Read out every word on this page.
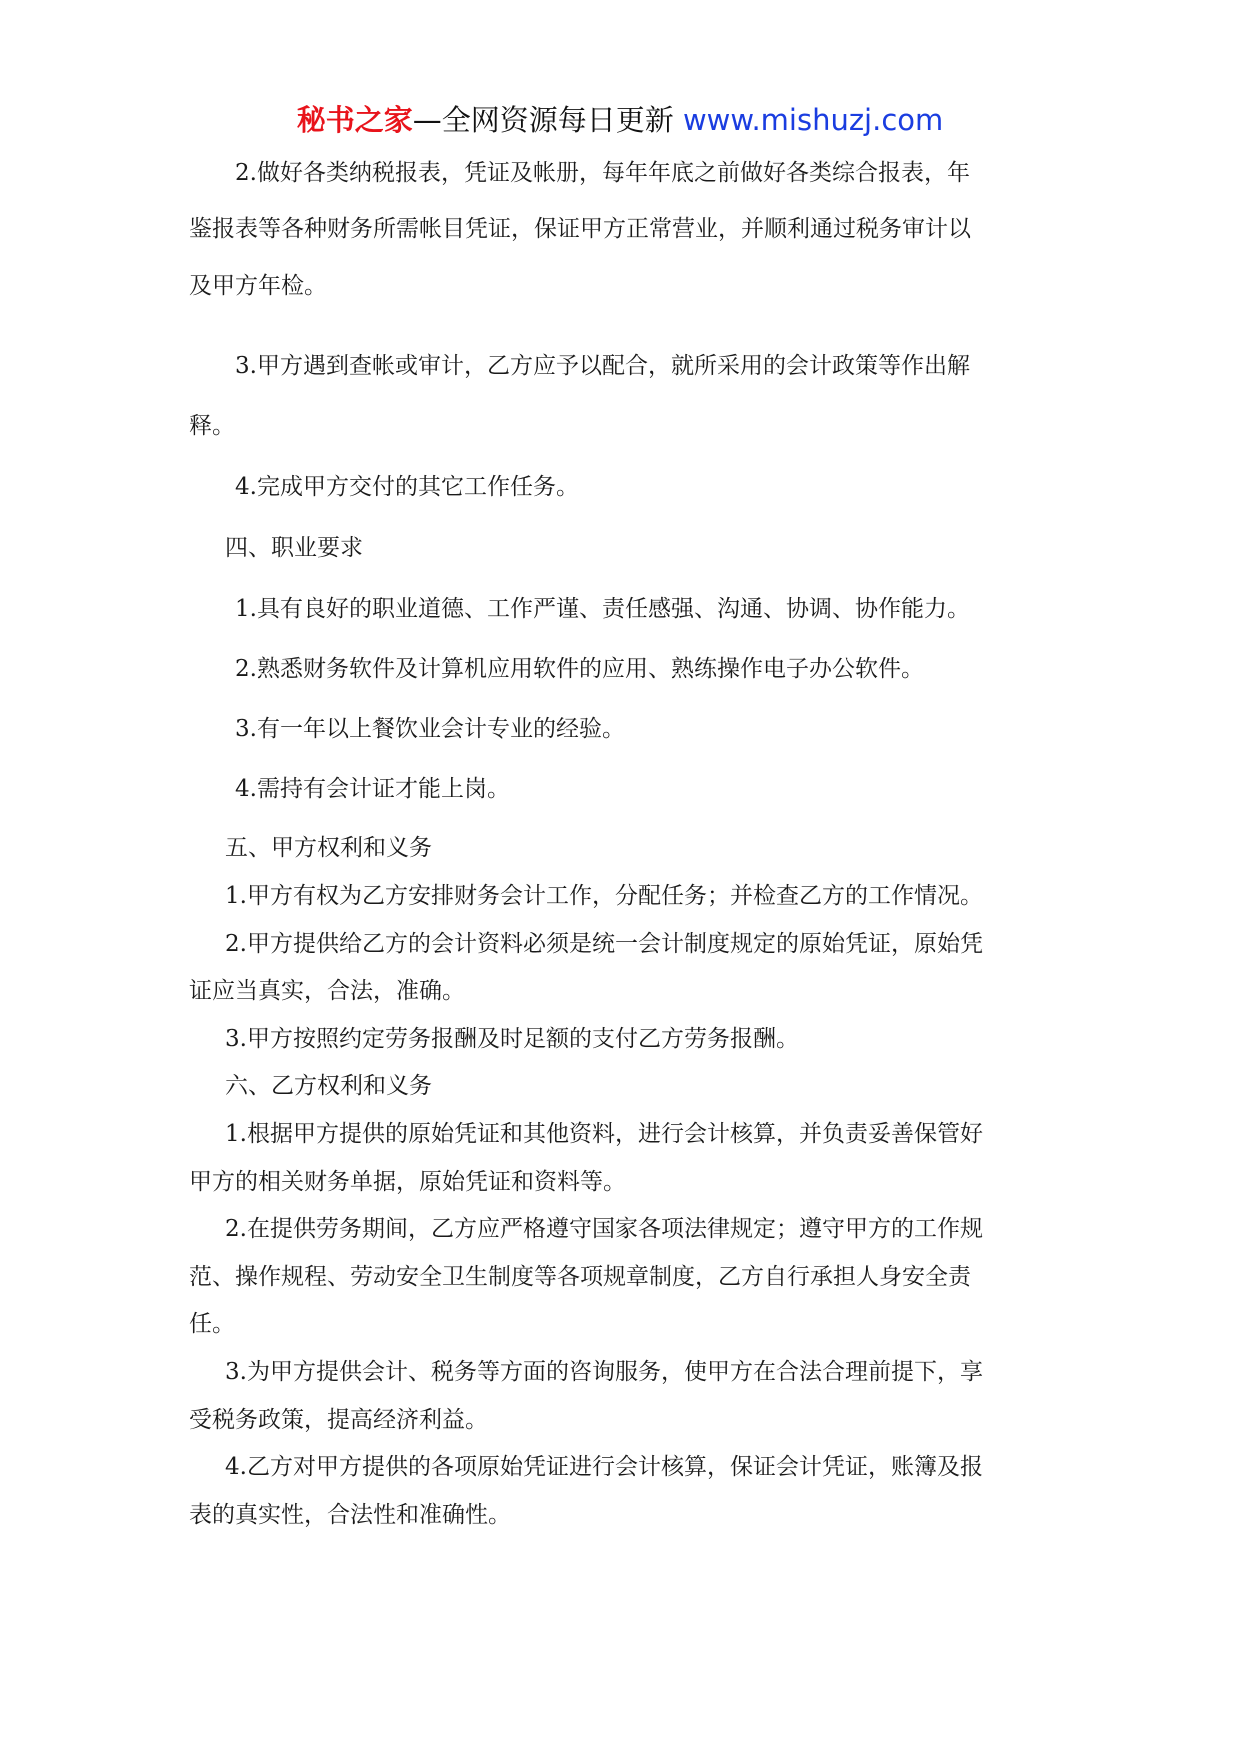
秘书之家—全网资源每日更新 www.mishuzj.com

2.做好各类纳税报表，凭证及帐册，每年年底之前做好各类综合报表，年

鉴报表等各种财务所需帐目凭证，保证甲方正常营业，并顺利通过税务审计以

及甲方年检。

3.甲方遇到查帐或审计，乙方应予以配合，就所采用的会计政策等作出解

释。

4.完成甲方交付的其它工作任务。

四、职业要求

1.具有良好的职业道德、工作严谨、责任感强、沟通、协调、协作能力。

2.熟悉财务软件及计算机应用软件的应用、熟练操作电子办公软件。

3.有一年以上餐饮业会计专业的经验。

4.需持有会计证才能上岗。

五、甲方权利和义务

1.甲方有权为乙方安排财务会计工作，分配任务；并检查乙方的工作情况。

2.甲方提供给乙方的会计资料必须是统一会计制度规定的原始凭证，原始凭

证应当真实，合法，准确。

3.甲方按照约定劳务报酬及时足额的支付乙方劳务报酬。

六、乙方权利和义务

1.根据甲方提供的原始凭证和其他资料，进行会计核算，并负责妥善保管好

甲方的相关财务单据，原始凭证和资料等。

2.在提供劳务期间，乙方应严格遵守国家各项法律规定；遵守甲方的工作规

范、操作规程、劳动安全卫生制度等各项规章制度，乙方自行承担人身安全责

任。

3.为甲方提供会计、税务等方面的咨询服务，使甲方在合法合理前提下，享

受税务政策，提高经济利益。

4.乙方对甲方提供的各项原始凭证进行会计核算，保证会计凭证，账簿及报

表的真实性，合法性和准确性。
